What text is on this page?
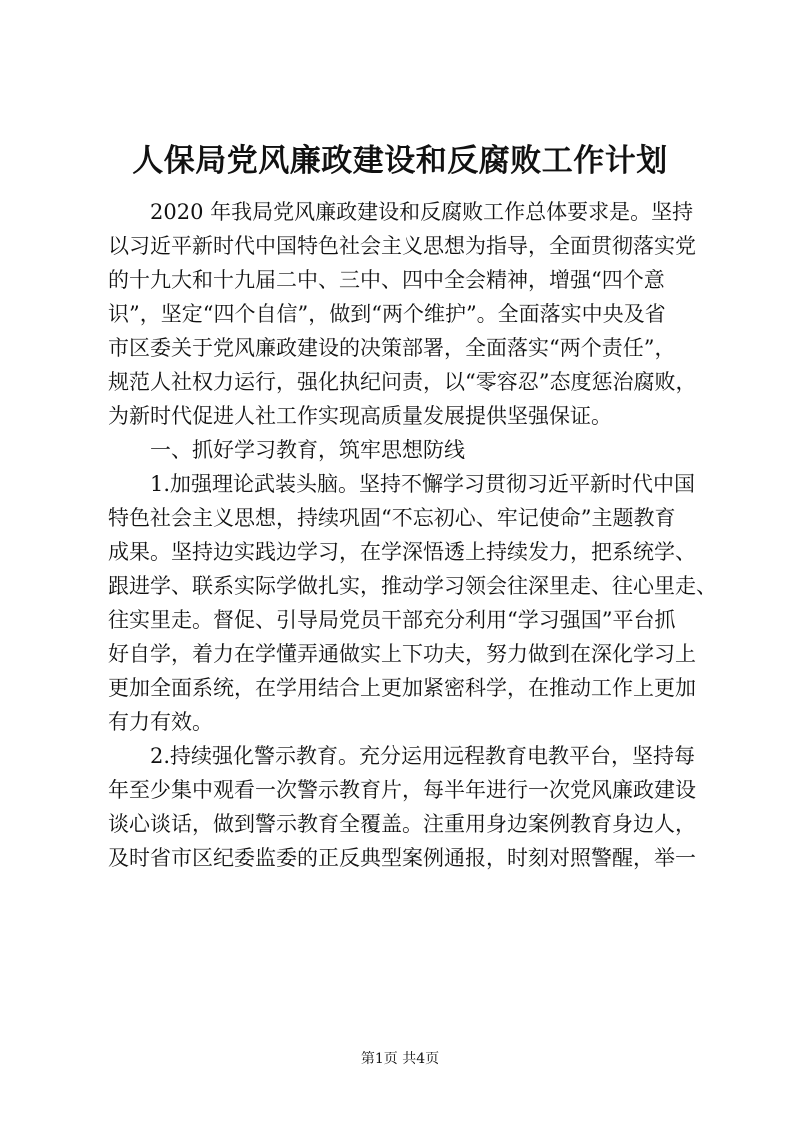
人保局党风廉政建设和反腐败工作计划
　　2020 年我局党风廉政建设和反腐败工作总体要求是。坚持
以习近平新时代中国特色社会主义思想为指导，全面贯彻落实党
的十九大和十九届二中、三中、四中全会精神，增强“四个意
识”，坚定“四个自信”，做到“两个维护”。全面落实中央及省
市区委关于党风廉政建设的决策部署，全面落实“两个责任”，
规范人社权力运行，强化执纪问责，以“零容忍”态度惩治腐败，
为新时代促进人社工作实现高质量发展提供坚强保证。
　　一、抓好学习教育，筑牢思想防线
　　1.加强理论武装头脑。坚持不懈学习贯彻习近平新时代中国
特色社会主义思想，持续巩固“不忘初心、牢记使命”主题教育
成果。坚持边实践边学习，在学深悟透上持续发力，把系统学、
跟进学、联系实际学做扎实，推动学习领会往深里走、往心里走、
往实里走。督促、引导局党员干部充分利用“学习强国”平台抓
好自学，着力在学懂弄通做实上下功夫，努力做到在深化学习上
更加全面系统，在学用结合上更加紧密科学，在推动工作上更加
有力有效。
　　2.持续强化警示教育。充分运用远程教育电教平台，坚持每
年至少集中观看一次警示教育片，每半年进行一次党风廉政建设
谈心谈话，做到警示教育全覆盖。注重用身边案例教育身边人，
及时省市区纪委监委的正反典型案例通报，时刻对照警醒，举一
第1页 共4页
